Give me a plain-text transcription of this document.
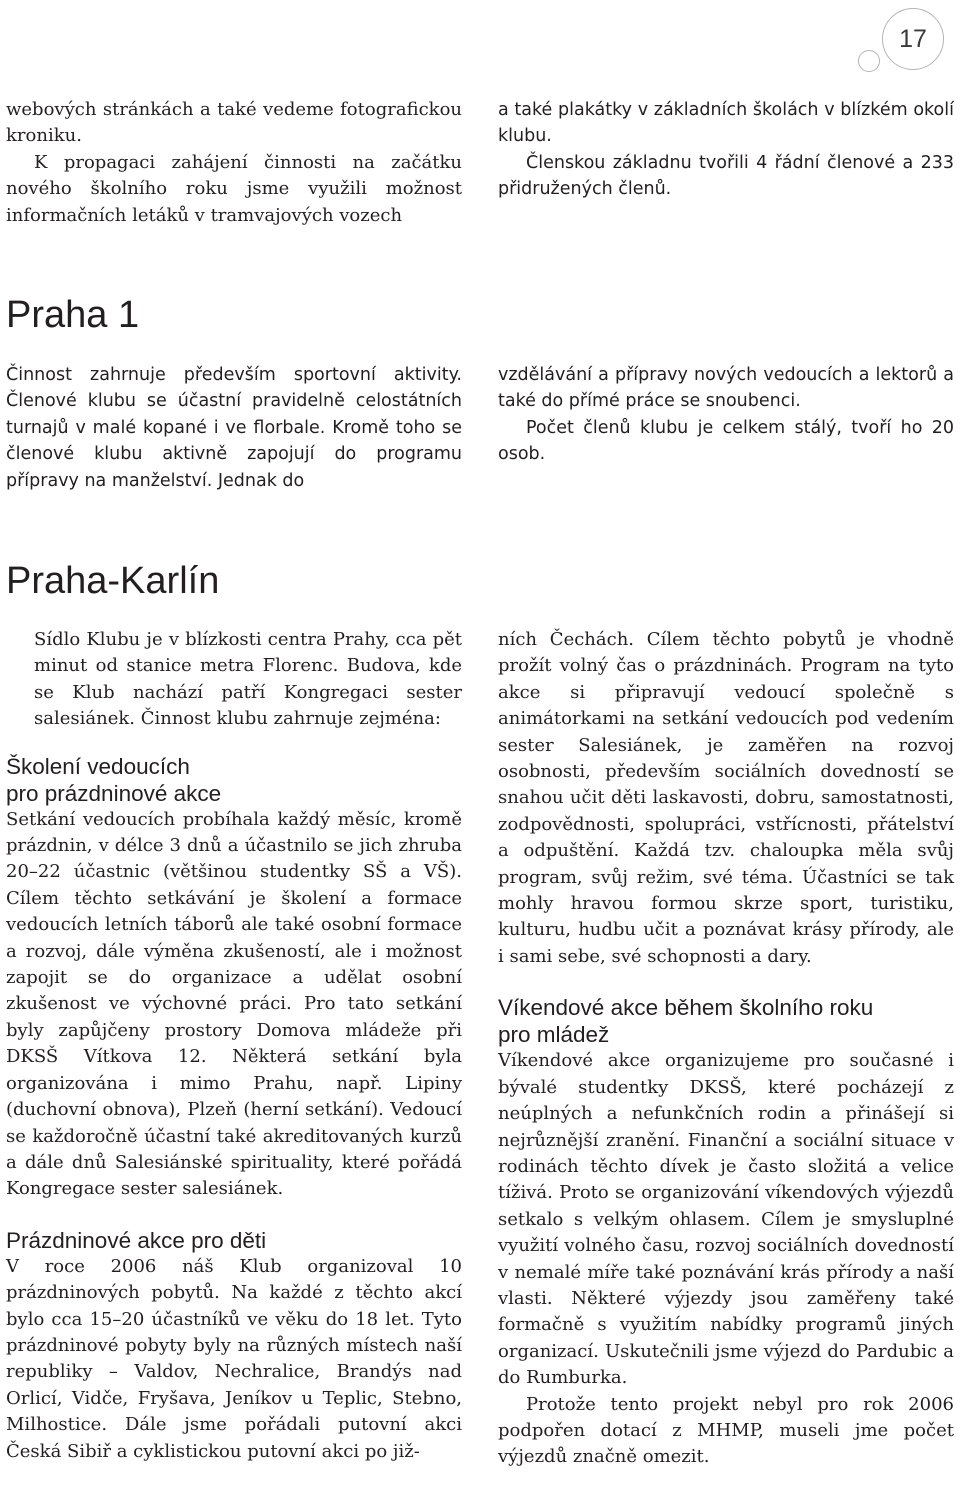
17

webových stránkách a také vedeme fotografickou kroniku.

K propagaci zahájení činnosti na začátku nového školního roku jsme využili možnost informačních letáků v tramvajových vozech

a také plakátky v základních školách v blízkém okolí klubu.

Členskou základnu tvořili 4 řádní členové a 233 přidružených členů.

Praha 1

Činnost zahrnuje především sportovní aktivity. Členové klubu se účastní pravidelně celostátních turnajů v malé kopané i ve florbale. Kromě toho se členové klubu aktivně zapojují do programu přípravy na manželství. Jednak do

vzdělávání a přípravy nových vedoucích a lektorů a také do přímé práce se snoubenci.

Počet členů klubu je celkem stálý, tvoří ho 20 osob.

Praha-Karlín

Sídlo Klubu je v blízkosti centra Prahy, cca pět minut od stanice metra Florenc. Budova, kde se Klub nachází patří Kongregaci sester salesiánek. Činnost klubu zahrnuje zejména:

Školení vedoucích
pro prázdninové akce

Setkání vedoucích probíhala každý měsíc, kromě prázdnin, v délce 3 dnů a účastnilo se jich zhruba 20–22 účastnic (většinou studentky SŠ a VŠ). Cílem těchto setkávání je školení a formace vedoucích letních táborů ale také osobní formace a rozvoj, dále výměna zkušeností, ale i možnost zapojit se do organizace a udělat osobní zkušenost ve výchovné práci. Pro tato setkání byly zapůjčeny prostory Domova mládeže při DKSŠ Vítkova 12. Některá setkání byla organizována i mimo Prahu, např. Lipiny (duchovní obnova), Plzeň (herní setkání). Vedoucí se každoročně účastní také akreditovaných kurzů a dále dnů Salesiánské spirituality, které pořádá Kongregace sester salesiánek.

Prázdninové akce pro děti

V roce 2006 náš Klub organizoval 10 prázdninových pobytů. Na každé z těchto akcí bylo cca 15–20 účastníků ve věku do 18 let. Tyto prázdninové pobyty byly na různých místech naší republiky – Valdov, Nechralice, Brandýs nad Orlicí, Vidče, Fryšava, Jeníkov u Teplic, Stebno, Milhostice. Dále jsme pořádali putovní akci Česká Sibiř a cyklistickou putovní akci po již-

ních Čechách. Cílem těchto pobytů je vhodně prožít volný čas o prázdninách. Program na tyto akce si připravují vedoucí společně s animátorkami na setkání vedoucích pod vedením sester Salesiánek, je zaměřen na rozvoj osobnosti, především sociálních dovedností se snahou učit děti laskavosti, dobru, samostatnosti, zodpovědnosti, spolupráci, vstřícnosti, přátelství a odpuštění. Každá tzv. chaloupka měla svůj program, svůj režim, své téma. Účastníci se tak mohly hravou formou skrze sport, turistiku, kulturu, hudbu učit a poznávat krásy přírody, ale i sami sebe, své schopnosti a dary.

Víkendové akce během školního roku
pro mládež

Víkendové akce organizujeme pro současné i bývalé studentky DKSŠ, které pocházejí z neúplných a nefunkčních rodin a přinášejí si nejrůznější zranění. Finanční a sociální situace v rodinách těchto dívek je často složitá a velice tíživá. Proto se organizování víkendových výjezdů setkalo s velkým ohlasem. Cílem je smysluplné využití volného času, rozvoj sociálních dovedností v nemalé míře také poznávání krás přírody a naší vlasti. Některé výjezdy jsou zaměřeny také formačně s využitím nabídky programů jiných organizací. Uskutečnili jsme výjezd do Pardubic a do Rumburka.

Protože tento projekt nebyl pro rok 2006 podpořen dotací z MHMP, museli jme počet výjezdů značně omezit.
